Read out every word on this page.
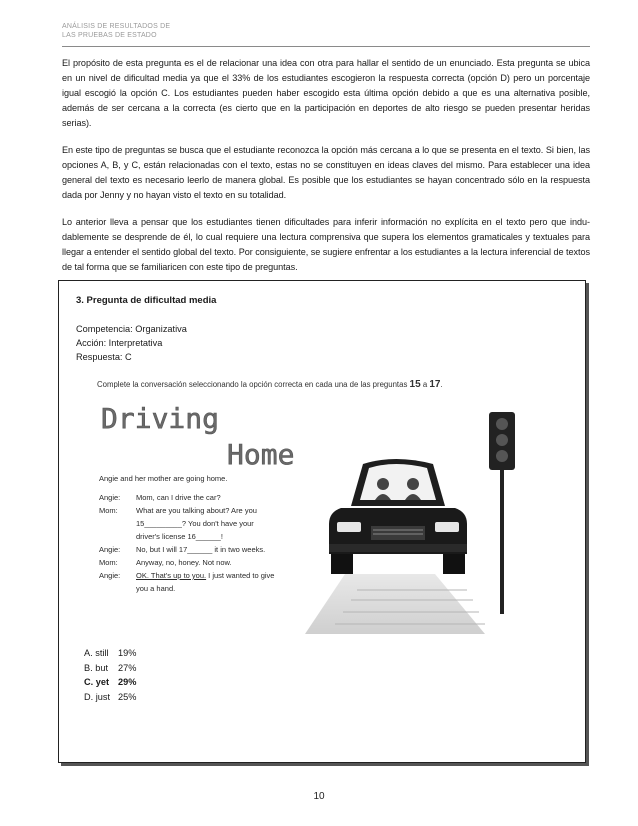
ANÁLISIS DE RESULTADOS DE
LAS PRUEBAS DE ESTADO

El propósito de esta pregunta es el de relacionar una idea con otra para hallar el sentido de un enunciado. Esta pregunta se ubica en un nivel de dificultad media ya que el 33% de los estudiantes escogieron la respuesta correcta (opción D) pero un porcentaje igual escogió la opción C. Los estudiantes pueden haber escogido esta última opción debido a que es una alternativa posible, además de ser cercana a la correcta (es cierto que en la participación en deportes de alto riesgo se pueden presentar heridas serias).

En este tipo de preguntas se busca que el estudiante reconozca la opción más cercana a lo que se presenta en el texto. Si bien, las opciones A, B, y C, están relacionadas con el texto, estas no se constituyen en ideas claves del mismo. Para establecer una idea general del texto es necesario leerlo de manera global. Es posible que los estudiantes se hayan concentrado sólo en la respuesta dada por Jenny y no hayan visto el texto en su totalidad.

Lo anterior lleva a pensar que los estudiantes tienen dificultades para inferir información no explícita en el texto pero que indu-dablemente se desprende de él, lo cual requiere una lectura comprensiva que supera los elementos gramaticales y textuales para llegar a entender el sentido global del texto. Por consiguiente, se sugiere enfrentar a los estudiantes a la lectura inferencial de textos de tal forma que se familiaricen con este tipo de preguntas.

3. Pregunta de dificultad media
Competencia: Organizativa
Acción: Interpretativa
Respuesta: C
Complete la conversación seleccionando la opción correcta en cada una de las preguntas 15 a 17.
Driving
Home
Angie and her mother are going home.
Angie: Mom, can I drive the car?
Mom: What are you talking about? Are you
15_________? You don't have your
driver's license 16______!
Angie: No, but I will 17______ it in two weeks.
Mom: Anyway, no, honey. Not now.
Angie: OK. That's up to you. I just wanted to give
you a hand.
A. still 19%
B. but 27%
C. yet 29%
D. just 25%
10
